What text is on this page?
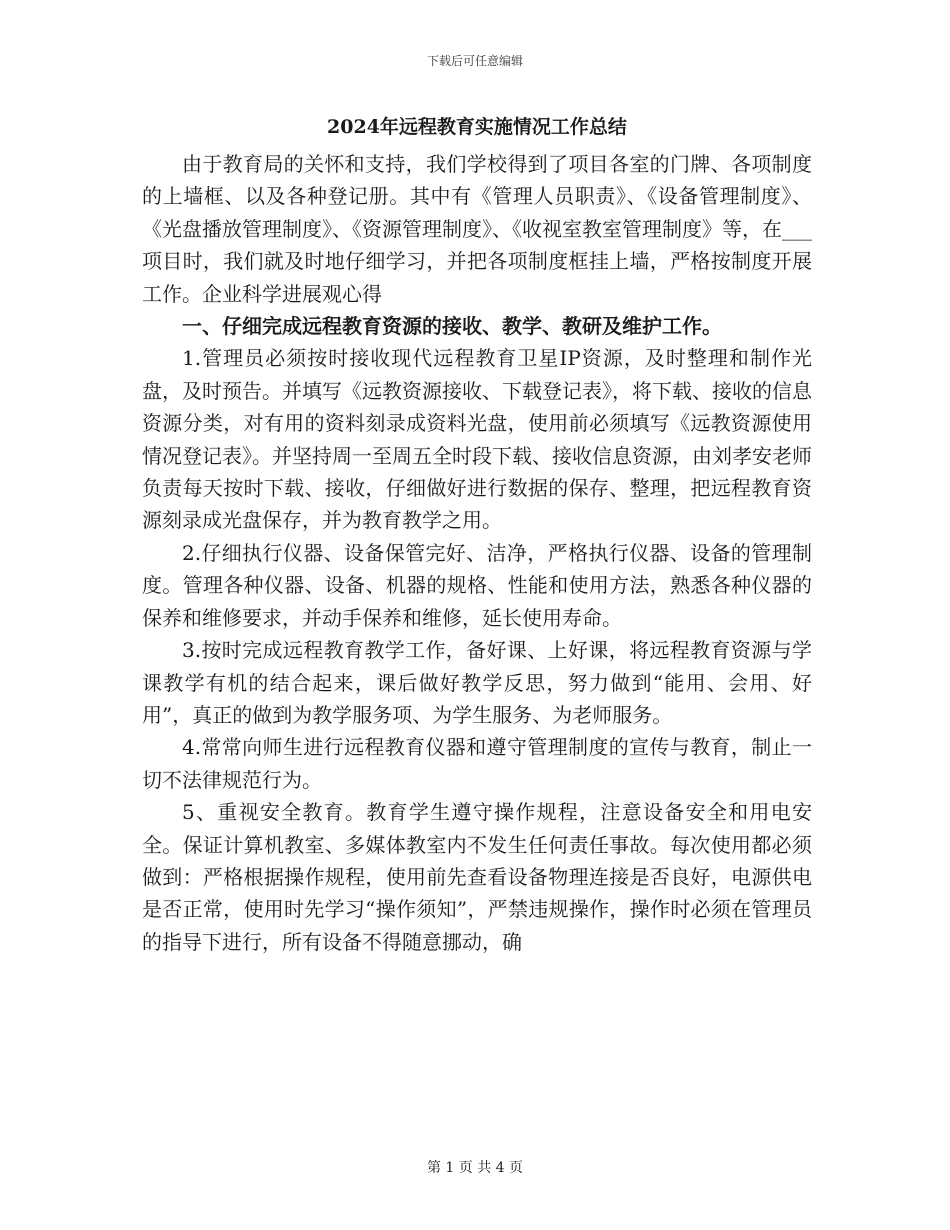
下载后可任意编辑
2024年远程教育实施情况工作总结

由于教育局的关怀和支持，我们学校得到了项目各室的门牌、各项制度的上墙框、以及各种登记册。其中有《管理人员职责》、《设备管理制度》、《光盘播放管理制度》、《资源管理制度》、《收视室教室管理制度》等，在___项目时，我们就及时地仔细学习，并把各项制度框挂上墙，严格按制度开展工作。企业科学进展观心得

一、仔细完成远程教育资源的接收、教学、教研及维护工作。

1.管理员必须按时接收现代远程教育卫星IP资源，及时整理和制作光盘，及时预告。并填写《远教资源接收、下载登记表》，将下载、接收的信息资源分类，对有用的资料刻录成资料光盘，使用前必须填写《远教资源使用情况登记表》。并坚持周一至周五全时段下载、接收信息资源，由刘孝安老师负责每天按时下载、接收，仔细做好进行数据的保存、整理，把远程教育资源刻录成光盘保存，并为教育教学之用。

2.仔细执行仪器、设备保管完好、洁净，严格执行仪器、设备的管理制度。管理各种仪器、设备、机器的规格、性能和使用方法，熟悉各种仪器的保养和维修要求，并动手保养和维修，延长使用寿命。

3.按时完成远程教育教学工作，备好课、上好课，将远程教育资源与学课教学有机的结合起来，课后做好教学反思，努力做到“能用、会用、好用”，真正的做到为教学服务项、为学生服务、为老师服务。

4.常常向师生进行远程教育仪器和遵守管理制度的宣传与教育，制止一切不法律规范行为。

5、重视安全教育。教育学生遵守操作规程，注意设备安全和用电安全。保证计算机教室、多媒体教室内不发生任何责任事故。每次使用都必须做到：严格根据操作规程，使用前先查看设备物理连接是否良好，电源供电是否正常，使用时先学习“操作须知”，严禁违规操作，操作时必须在管理员的指导下进行，所有设备不得随意挪动，确

第 1 页 共 4 页
